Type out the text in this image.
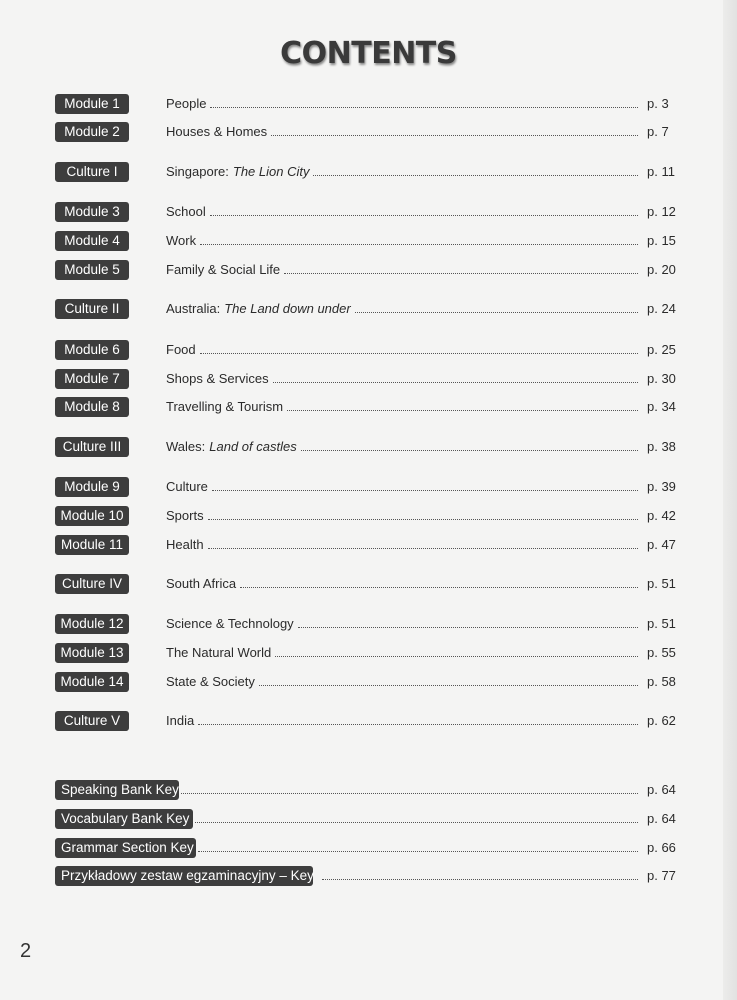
CONTENTS
Module 1	People	p. 3
Module 2	Houses & Homes	p. 7
Culture I	Singapore: The Lion City	p. 11
Module 3	School	p. 12
Module 4	Work	p. 15
Module 5	Family & Social Life	p. 20
Culture II	Australia: The Land down under	p. 24
Module 6	Food	p. 25
Module 7	Shops & Services	p. 30
Module 8	Travelling & Tourism	p. 34
Culture III	Wales: Land of castles	p. 38
Module 9	Culture	p. 39
Module 10	Sports	p. 42
Module 11	Health	p. 47
Culture IV	South Africa	p. 51
Module 12	Science & Technology	p. 51
Module 13	The Natural World	p. 55
Module 14	State & Society	p. 58
Culture V	India	p. 62
Speaking Bank Key	p. 64
Vocabulary Bank Key	p. 64
Grammar Section Key	p. 66
Przykładowy zestaw egzaminacyjny – Key	p. 77
2
